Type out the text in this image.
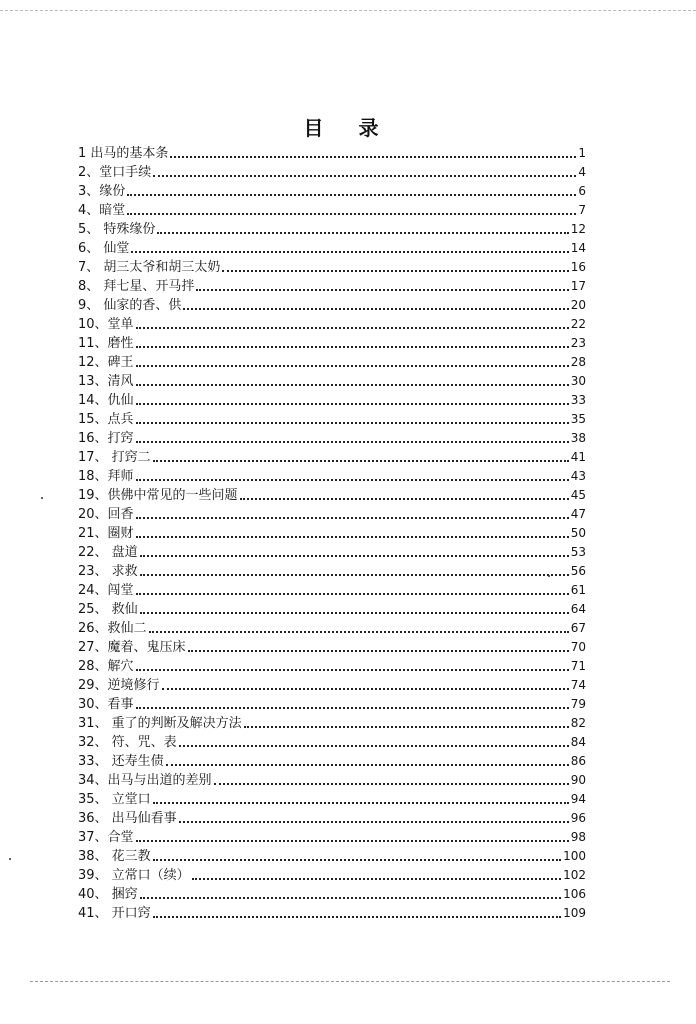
目 录
1 出马的基本条	1
2、堂口手续	4
3、缘份	6
4、暗堂	7
5、 特殊缘份	12
6、 仙堂	14
7、 胡三太爷和胡三太奶	16
8、 拜七星、开马拌	17
9、 仙家的香、供	20
10、堂单	22
11、磨性	23
12、碑王	28
13、清风	30
14、仇仙	33
15、点兵	35
16、打窍	38
17、 打窍二	41
18、拜师	43
19、供佛中常见的一些问题	45
20、回香	47
21、圈财	50
22、 盘道	53
23、 求救	56
24、闯堂	61
25、 救仙	64
26、救仙二	67
27、魔着、鬼压床	70
28、解穴	71
29、逆境修行	74
30、看事	79
31、 重了的判断及解决方法	82
32、 符、咒、表	84
33、 还寿生债	86
34、出马与出道的差别	90
35、 立堂口	94
36、 出马仙看事	96
37、合堂	98
38、 花三教	100
39、 立常口（续）	102
40、 捆窍	106
41、 开口窍	109
